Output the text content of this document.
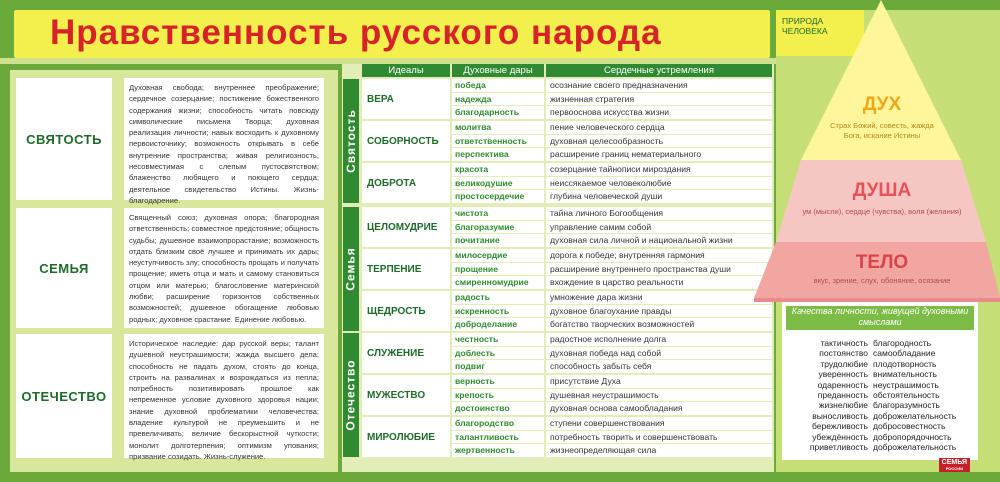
Нравственность русского народа
СВЯТОСТЬ
Духовная свобода; внутреннее преображение; сердечное созерцание; постижение божественного содержания жизни; способность читать повсюду символические письмена Творца; духовная реализация личности; навык восходить к духовному первоисточнику; возможность открывать в себе внутренние пространства; живая религиозность, несовместимая с слепым пустосвятством; блаженство любящего и поющего сердца; деятельное свидетельство Истины. Жизнь-благодарение.
СЕМЬЯ
Священный союз; духовная опора; благородная ответственность; совместное предстояние; общность судьбы; душевное взаимопрорастание; возможность отдать близким своё лучшее и принимать их дары; неуступчивость злу; способность прощать и получать прощение; иметь отца и мать и самому становиться отцом или матерью; благословение материнской любви; расширение горизонтов собственных возможностей; душевное обогащение любовью родных; духовное срастание. Единение любовью.
ОТЕЧЕСТВО
Историческое наследие: дар русской веры; талант душевной неустрашимости; жажда высшего дела; способность не падать духом, стоять до конца, строить на развалинах и возрождаться из пепла; потребность позитивировать прошлое как непременное условие духовного здоровья нации; знание духовной проблематики человечества; владение культурой не преумеьшить и не превеличивать; величие бескорыстной чуткости; монолит долготерпения; оптимизм упования; призвание созидать. Жизнь-служение.
Идеалы	Духовные дары	Сердечные устремления
Святость
ВЕРА
победа	осознание своего предназначения
надежда	жизненная стратегия
благодарность	первооснова искусства жизни
СОБОРНОСТЬ
молитва	пение человеческого сердца
ответственность	духовная целесообразность
перспектива	расширение границ нематериального
ДОБРОТА
красота	созерцание тайнописи мироздания
великодушие	неиссякаемое человеколюбие
простосердечие	глубина человеческой души
Семья
ЦЕЛОМУДРИЕ
чистота	тайна личного Богообщения
благоразумие	управление самим собой
почитание	духовная сила личной и национальной жизни
ТЕРПЕНИЕ
милосердие	дорога к победе; внутренняя гармония
прощение	расширение внутреннего пространства души
смиренномудрие	вхождение в царство реальности
ЩЕДРОСТЬ
радость	умножение дара жизни
искренность	духовное благоухание правды
доброделание	богатство творческих возможностей
Отечество
СЛУЖЕНИЕ
честность	радостное исполнение долга
доблесть	духовная победа над собой
подвиг	способность забыть себя
МУЖЕСТВО
верность	присутствие Духа
крепость	душевная неустрашимость
достоинство	духовная основа самообладания
МИРОЛЮБИЕ
благородство	ступени совершенствования
талантливость	потребность творить и совершенствовать
жертвенность	жизнеопределяющая сила
ПРИРОДА
ЧЕЛОВЕКА
ДУХ
Страх Божий, совесть, жажда Бога, искание Истины
ДУША
ум (мысли), сердце (чувства), воля (желания)
ТЕЛО
вкус, зрение, слух, обоняние, осязание
Качества личности, живущей духовными смыслами
тактичность благородность
постоянство самообладание
трудолюбие плодотворность
уверенность внимательность
одаренность неустрашимость
преданность обстоятельность
жизнелюбие благоразумность
выносливость доброжелательность
бережливость добросовестность
убеждённость добропорядочность
приветливость доброжелательность
СЕМЬЯ
РОССИИ
